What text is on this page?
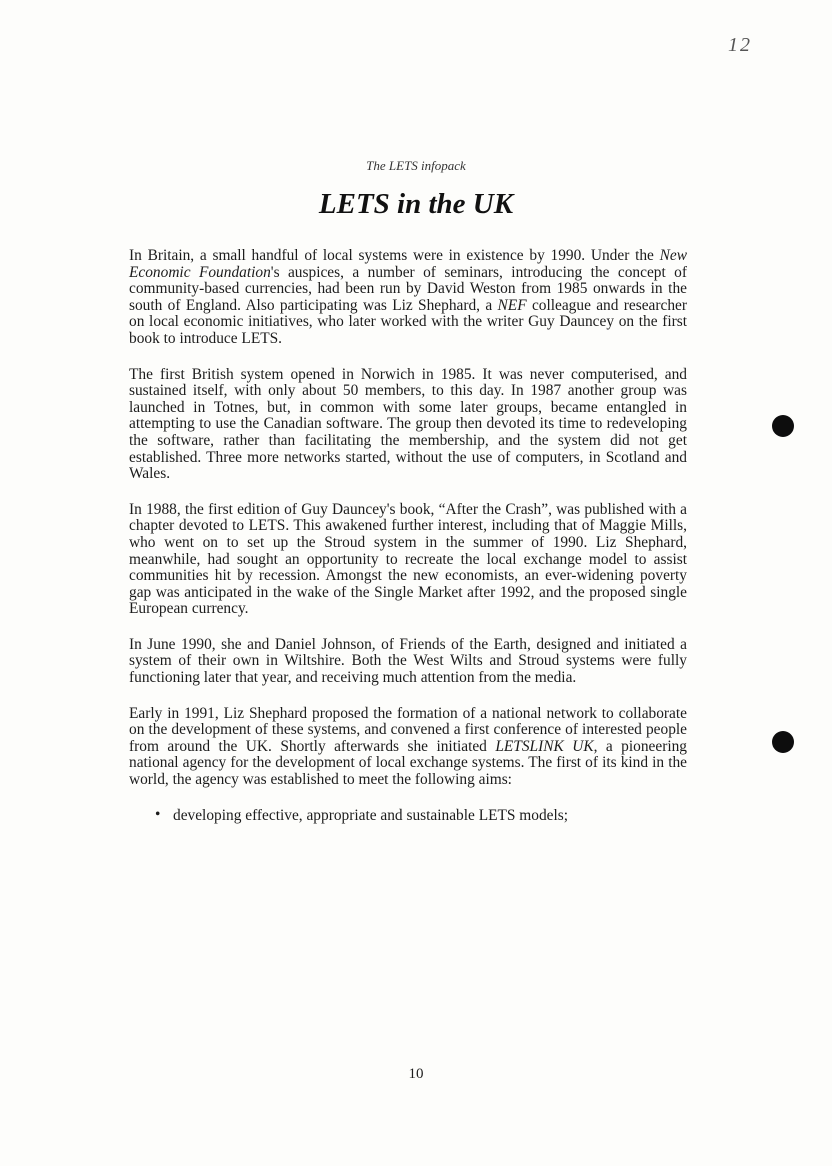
12
The LETS infopack
LETS in the UK

In Britain, a small handful of local systems were in existence by 1990. Under the New Economic Foundation's auspices, a number of seminars, introducing the concept of community-based currencies, had been run by David Weston from 1985 onwards in the south of England. Also participating was Liz Shephard, a NEF colleague and researcher on local economic initiatives, who later worked with the writer Guy Dauncey on the first book to introduce LETS.

The first British system opened in Norwich in 1985. It was never computerised, and sustained itself, with only about 50 members, to this day. In 1987 another group was launched in Totnes, but, in common with some later groups, became entangled in attempting to use the Canadian software. The group then devoted its time to redeveloping the software, rather than facilitating the membership, and the system did not get established. Three more networks started, without the use of computers, in Scotland and Wales.

In 1988, the first edition of Guy Dauncey's book, “After the Crash”, was published with a chapter devoted to LETS. This awakened further interest, including that of Maggie Mills, who went on to set up the Stroud system in the summer of 1990. Liz Shephard, meanwhile, had sought an opportunity to recreate the local exchange model to assist communities hit by recession. Amongst the new economists, an ever-widening poverty gap was anticipated in the wake of the Single Market after 1992, and the proposed single European currency.

In June 1990, she and Daniel Johnson, of Friends of the Earth, designed and initiated a system of their own in Wiltshire. Both the West Wilts and Stroud systems were fully functioning later that year, and receiving much attention from the media.

Early in 1991, Liz Shephard proposed the formation of a national network to collaborate on the development of these systems, and convened a first conference of interested people from around the UK. Shortly afterwards she initiated LETSLINK UK, a pioneering national agency for the development of local exchange systems. The first of its kind in the world, the agency was established to meet the following aims:

• developing effective, appropriate and sustainable LETS models;
10
